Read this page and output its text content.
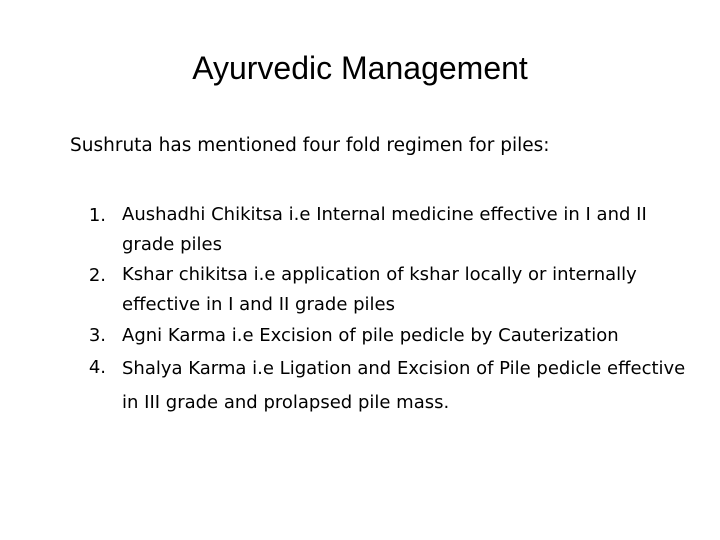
Ayurvedic Management
Sushruta has mentioned four fold regimen for piles:
1. Aushadhi Chikitsa i.e Internal medicine effective in I and II grade piles
2. Kshar chikitsa i.e application of kshar locally or internally effective in I and II grade piles
3. Agni Karma i.e Excision of pile pedicle by Cauterization
4. Shalya Karma i.e Ligation and Excision of Pile pedicle effective in III grade and prolapsed pile mass.
